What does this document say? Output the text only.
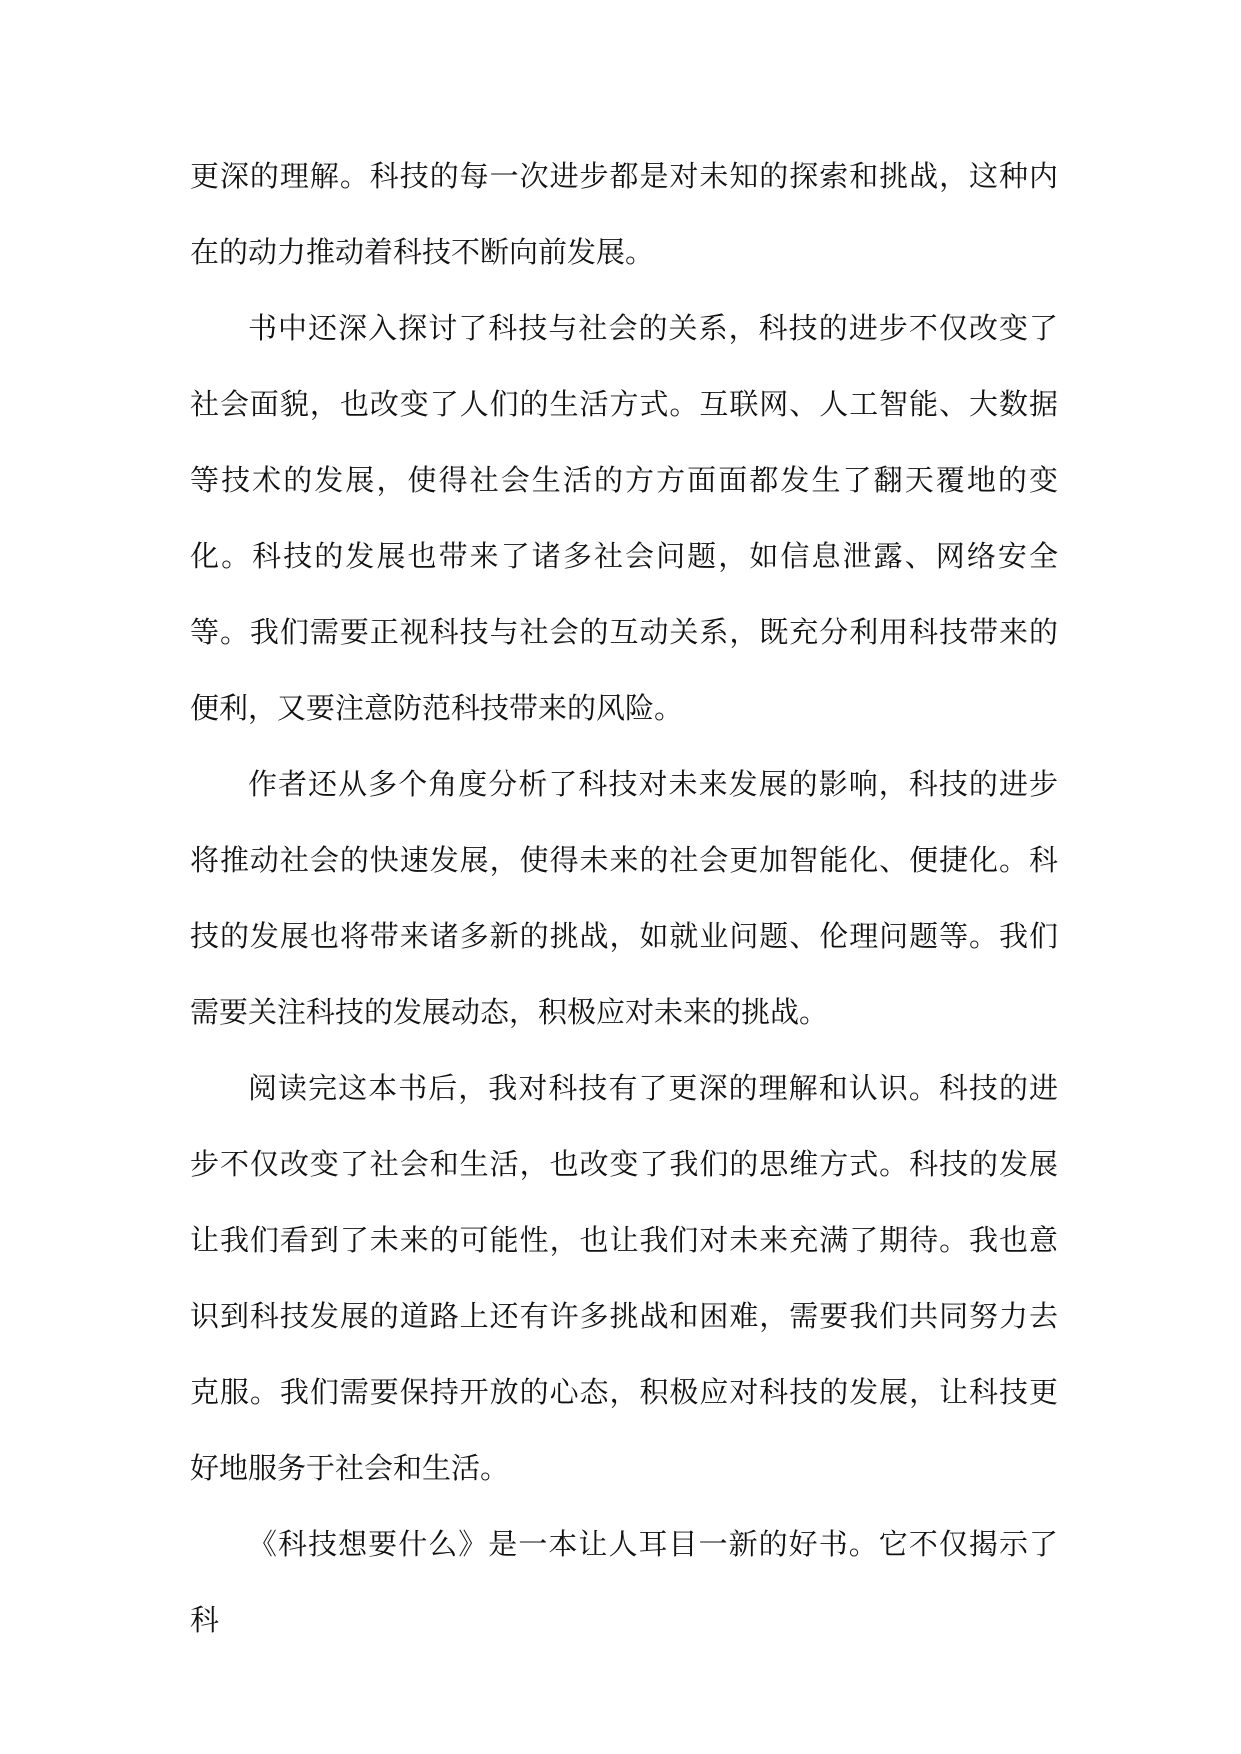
更深的理解。科技的每一次进步都是对未知的探索和挑战，这种内在的动力推动着科技不断向前发展。

书中还深入探讨了科技与社会的关系，科技的进步不仅改变了社会面貌，也改变了人们的生活方式。互联网、人工智能、大数据等技术的发展，使得社会生活的方方面面都发生了翻天覆地的变化。科技的发展也带来了诸多社会问题，如信息泄露、网络安全等。我们需要正视科技与社会的互动关系，既充分利用科技带来的便利，又要注意防范科技带来的风险。

作者还从多个角度分析了科技对未来发展的影响，科技的进步将推动社会的快速发展，使得未来的社会更加智能化、便捷化。科技的发展也将带来诸多新的挑战，如就业问题、伦理问题等。我们需要关注科技的发展动态，积极应对未来的挑战。

阅读完这本书后，我对科技有了更深的理解和认识。科技的进步不仅改变了社会和生活，也改变了我们的思维方式。科技的发展让我们看到了未来的可能性，也让我们对未来充满了期待。我也意识到科技发展的道路上还有许多挑战和困难，需要我们共同努力去克服。我们需要保持开放的心态，积极应对科技的发展，让科技更好地服务于社会和生活。

《科技想要什么》是一本让人耳目一新的好书。它不仅揭示了科
